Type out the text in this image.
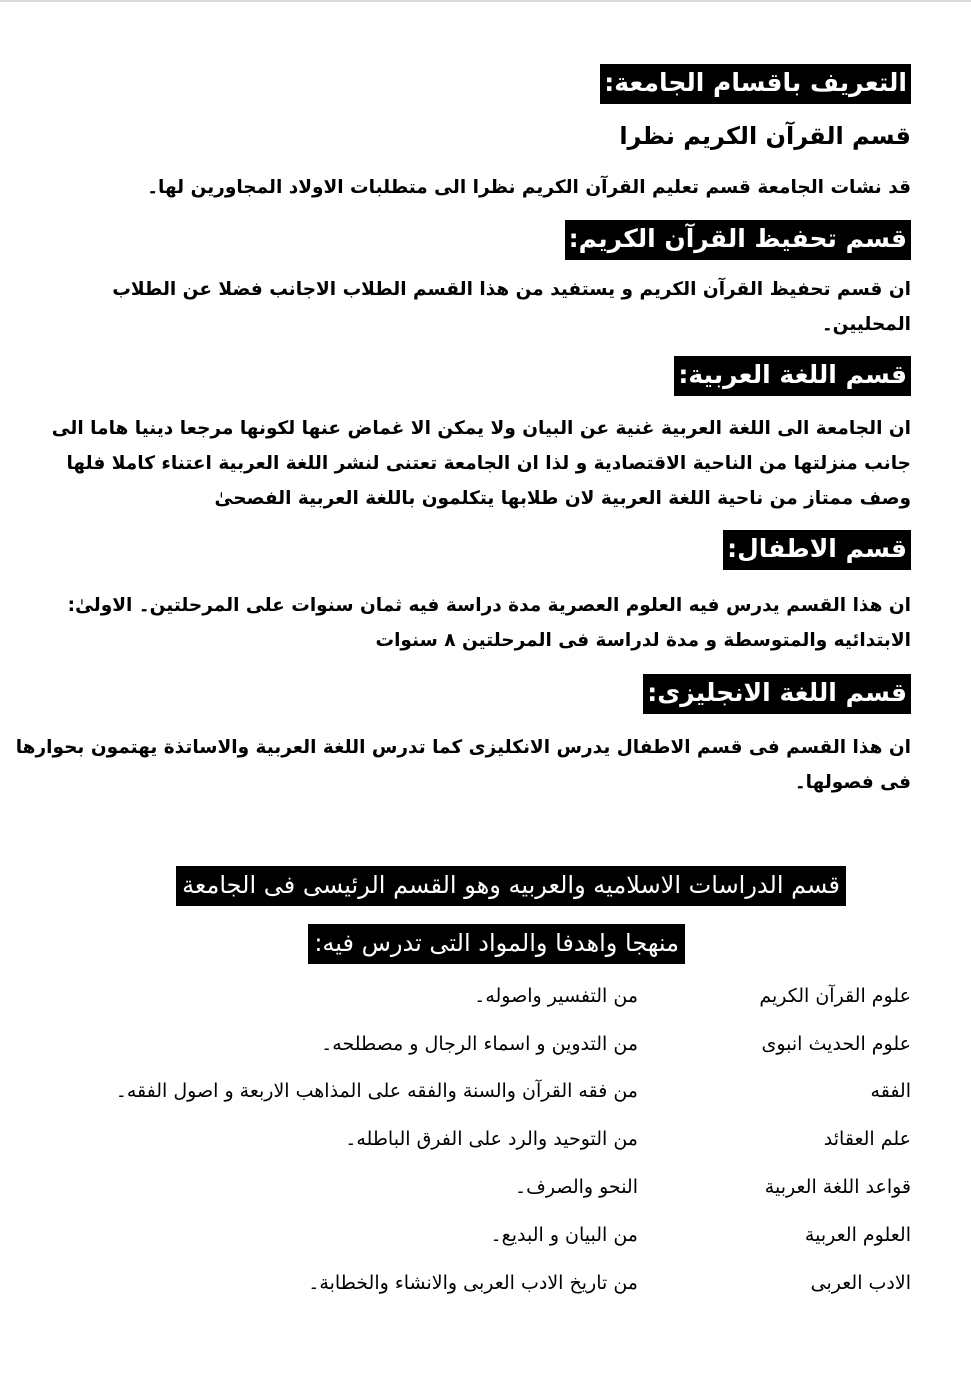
التعريف باقسام الجامعة:
قسم القرآن الكريم نظرا
قد نشات الجامعة قسم تعليم القرآن الكريم نظرا الى متطلبات الاولاد المجاورين لها۔
قسم تحفيظ القرآن الكريم:
ان قسم تحفيظ القرآن الكريم و يستفيد من هذا القسم الطلاب الاجانب فضلا عن الطلاب
المحليين۔
قسم اللغة العربية:
ان الجامعة الى اللغة العربية غنية عن البيان ولا يمكن الا غماض عنها لكونها مرجعا دينيا هاما الى
جانب منزلتها من الناحية الاقتصادية و لذا ان الجامعة تعتنى لنشر اللغة العربية اعتناء كاملا فلها
وصف ممتاز من ناحية اللغة العربية لان طلابها يتكلمون باللغة العربية الفصحیٰ
قسم الاطفال:
ان هذا القسم يدرس فيه العلوم العصرية مدة دراسة فيه ثمان سنوات على المرحلتين۔ الاولیٰ:
الابتدائيه والمتوسطة و مدة لدراسة فی المرحلتين ۸ سنوات
قسم اللغة الانجليزى:
ان هذا القسم فی قسم الاطفال يدرس الانكليزى كما تدرس اللغة العربية والاساتذة يهتمون بحوارها
فی فصولها۔
قسم الدراسات الاسلاميه والعربيه وهو القسم الرئيسى فی الجامعة
منهجا واهدفا والمواد التى تدرس فيه:
علوم القرآن الكريم
من التفسير واصوله۔
علوم الحديث انبوى
من التدوين و اسماء الرجال و مصطلحه۔
الفقه
من فقه القرآن والسنة والفقه على المذاهب الاربعة و اصول الفقه۔
علم العقائد
من التوحيد والرد على الفرق الباطله۔
قواعد اللغة العربية
النحو والصرف۔
العلوم العربية
من البيان و البديع۔
الادب العربى
من تاريخ الادب العربى والانشاء والخطابة۔
